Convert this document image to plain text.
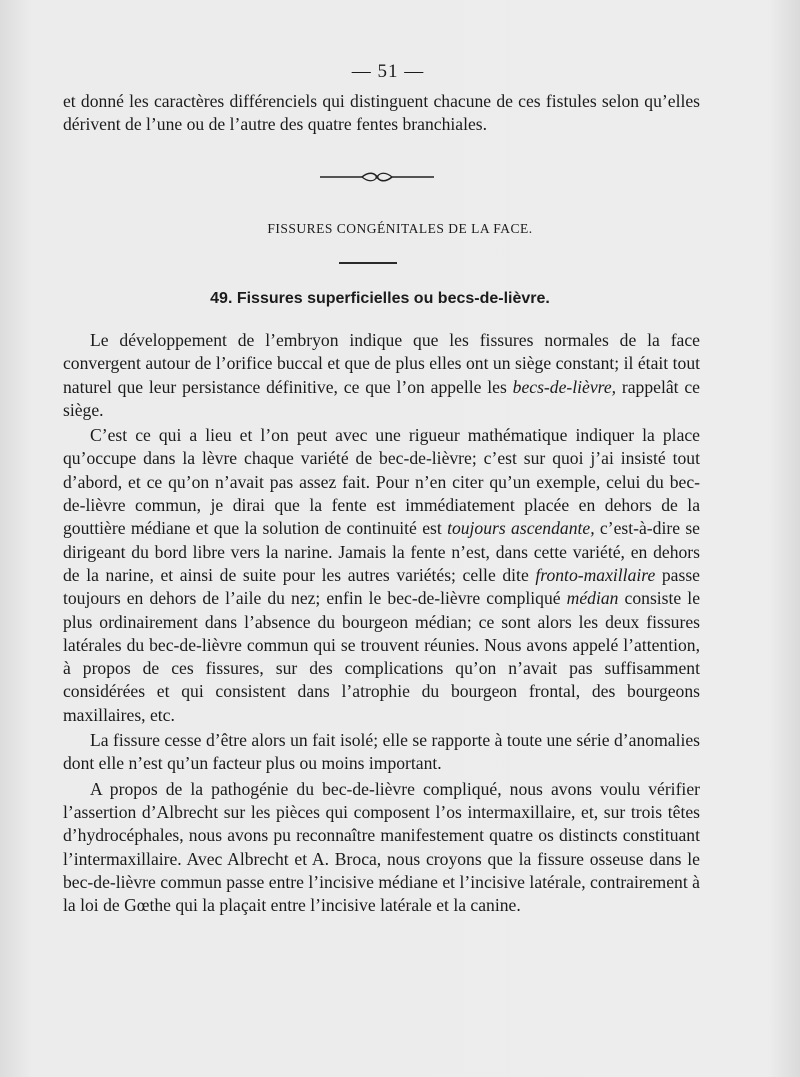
— 51 —

et donné les caractères différenciels qui distinguent chacune de ces fistules selon qu’elles dérivent de l’une ou de l’autre des quatre fentes branchiales.

FISSURES CONGÉNITALES DE LA FACE.
49. Fissures superficielles ou becs-de-lièvre.

Le développement de l’embryon indique que les fissures normales de la face convergent autour de l’orifice buccal et que de plus elles ont un siège constant; il était tout naturel que leur persistance définitive, ce que l’on appelle les becs-de-lièvre, rappelât ce siège.

C’est ce qui a lieu et l’on peut avec une rigueur mathématique indiquer la place qu’occupe dans la lèvre chaque variété de bec-de-lièvre; c’est sur quoi j’ai insisté tout d’abord, et ce qu’on n’avait pas assez fait. Pour n’en citer qu’un exemple, celui du bec-de-lièvre commun, je dirai que la fente est immédiatement placée en dehors de la gouttière médiane et que la solution de continuité est toujours ascendante, c’est-à-dire se dirigeant du bord libre vers la narine. Jamais la fente n’est, dans cette variété, en dehors de la narine, et ainsi de suite pour les autres variétés; celle dite fronto-maxillaire passe toujours en dehors de l’aile du nez; enfin le bec-de-lièvre compliqué médian consiste le plus ordinairement dans l’absence du bourgeon médian; ce sont alors les deux fissures latérales du bec-de-lièvre commun qui se trouvent réunies. Nous avons appelé l’attention, à propos de ces fissures, sur des complications qu’on n’avait pas suffisamment considérées et qui consistent dans l’atrophie du bourgeon frontal, des bourgeons maxillaires, etc.

La fissure cesse d’être alors un fait isolé; elle se rapporte à toute une série d’anomalies dont elle n’est qu’un facteur plus ou moins important.

A propos de la pathogénie du bec-de-lièvre compliqué, nous avons voulu vérifier l’assertion d’Albrecht sur les pièces qui composent l’os intermaxillaire, et, sur trois têtes d’hydrocéphales, nous avons pu reconnaître manifestement quatre os distincts constituant l’intermaxillaire. Avec Albrecht et A. Broca, nous croyons que la fissure osseuse dans le bec-de-lièvre commun passe entre l’incisive médiane et l’incisive latérale, contrairement à la loi de Gœthe qui la plaçait entre l’incisive latérale et la canine.
